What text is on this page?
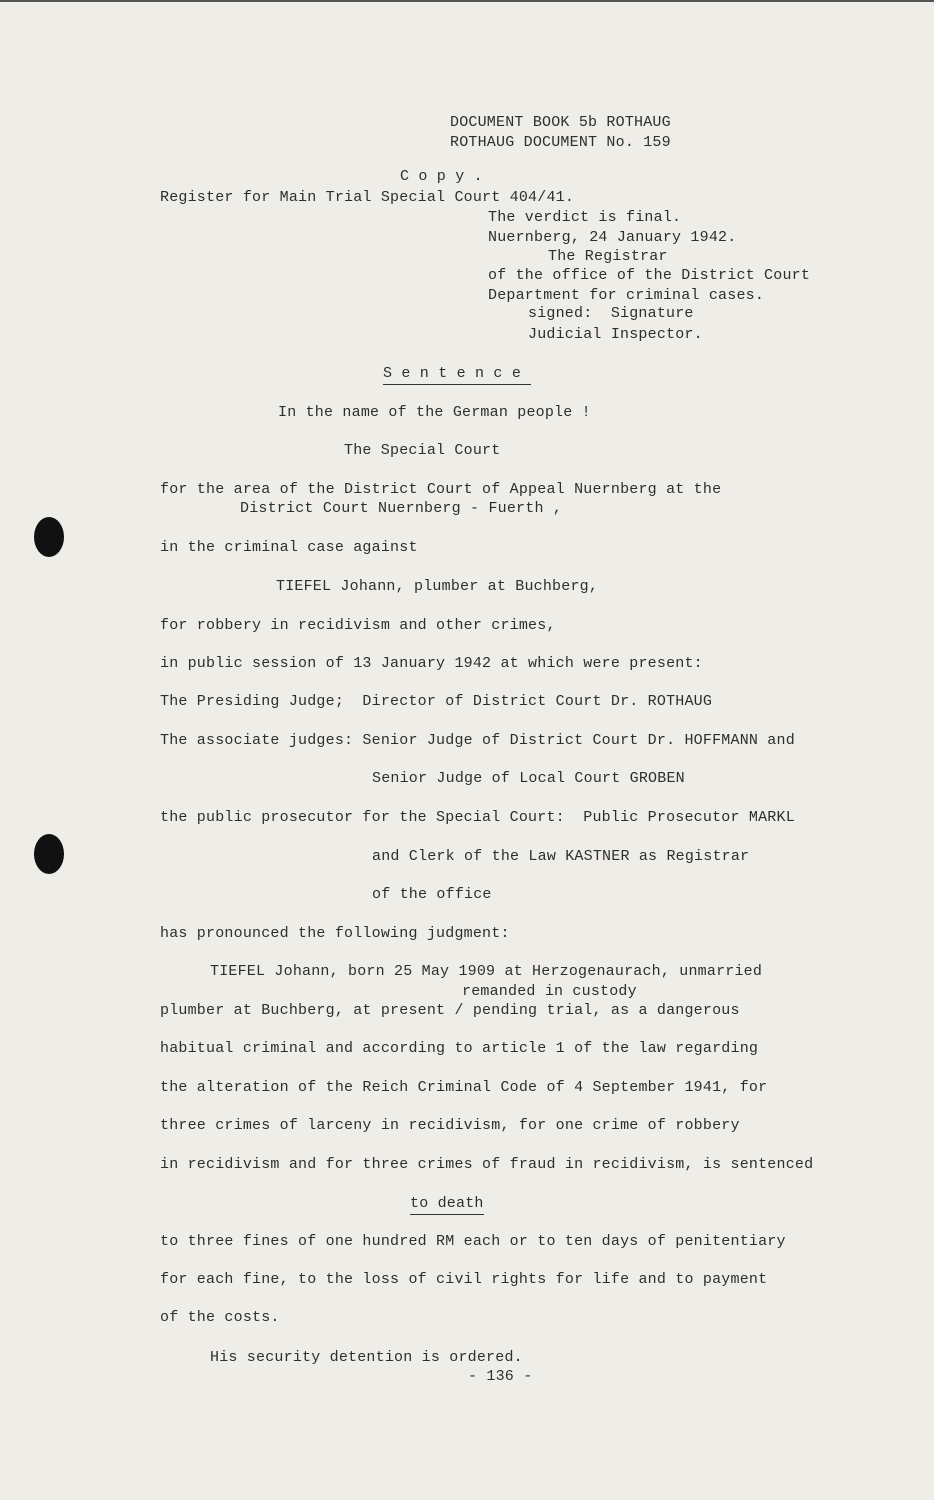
DOCUMENT BOOK 5b ROTHAUG
ROTHAUG DOCUMENT No. 159
C o p y .
Register for Main Trial Special Court 404/41.
The verdict is final.
Nuernberg, 24 January 1942.
The Registrar
of the office of the District Court
Department for criminal cases.
signed:  Signature
Judicial Inspector.
S e n t e n c e
In the name of the German people !
The Special Court
for the area of the District Court of Appeal Nuernberg at the
District Court Nuernberg - Fuerth ,
in the criminal case against
TIEFEL Johann, plumber at Buchberg,
for robbery in recidivism and other crimes,
in public session of 13 January 1942 at which were present:
The Presiding Judge;  Director of District Court Dr. ROTHAUG
The associate judges: Senior Judge of District Court Dr. HOFFMANN and
Senior Judge of Local Court GROBEN
the public prosecutor for the Special Court:  Public Prosecutor MARKL
and Clerk of the Law KASTNER as Registrar
of the office
has pronounced the following judgment:
TIEFEL Johann, born 25 May 1909 at Herzogenaurach, unmarried
remanded in custody
plumber at Buchberg, at present / pending trial, as a dangerous
habitual criminal and according to article 1 of the law regarding
the alteration of the Reich Criminal Code of 4 September 1941, for
three crimes of larceny in recidivism, for one crime of robbery
in recidivism and for three crimes of fraud in recidivism, is sentenced
to death
to three fines of one hundred RM each or to ten days of penitentiary
for each fine, to the loss of civil rights for life and to payment
of the costs.
His security detention is ordered.
- 136 -
